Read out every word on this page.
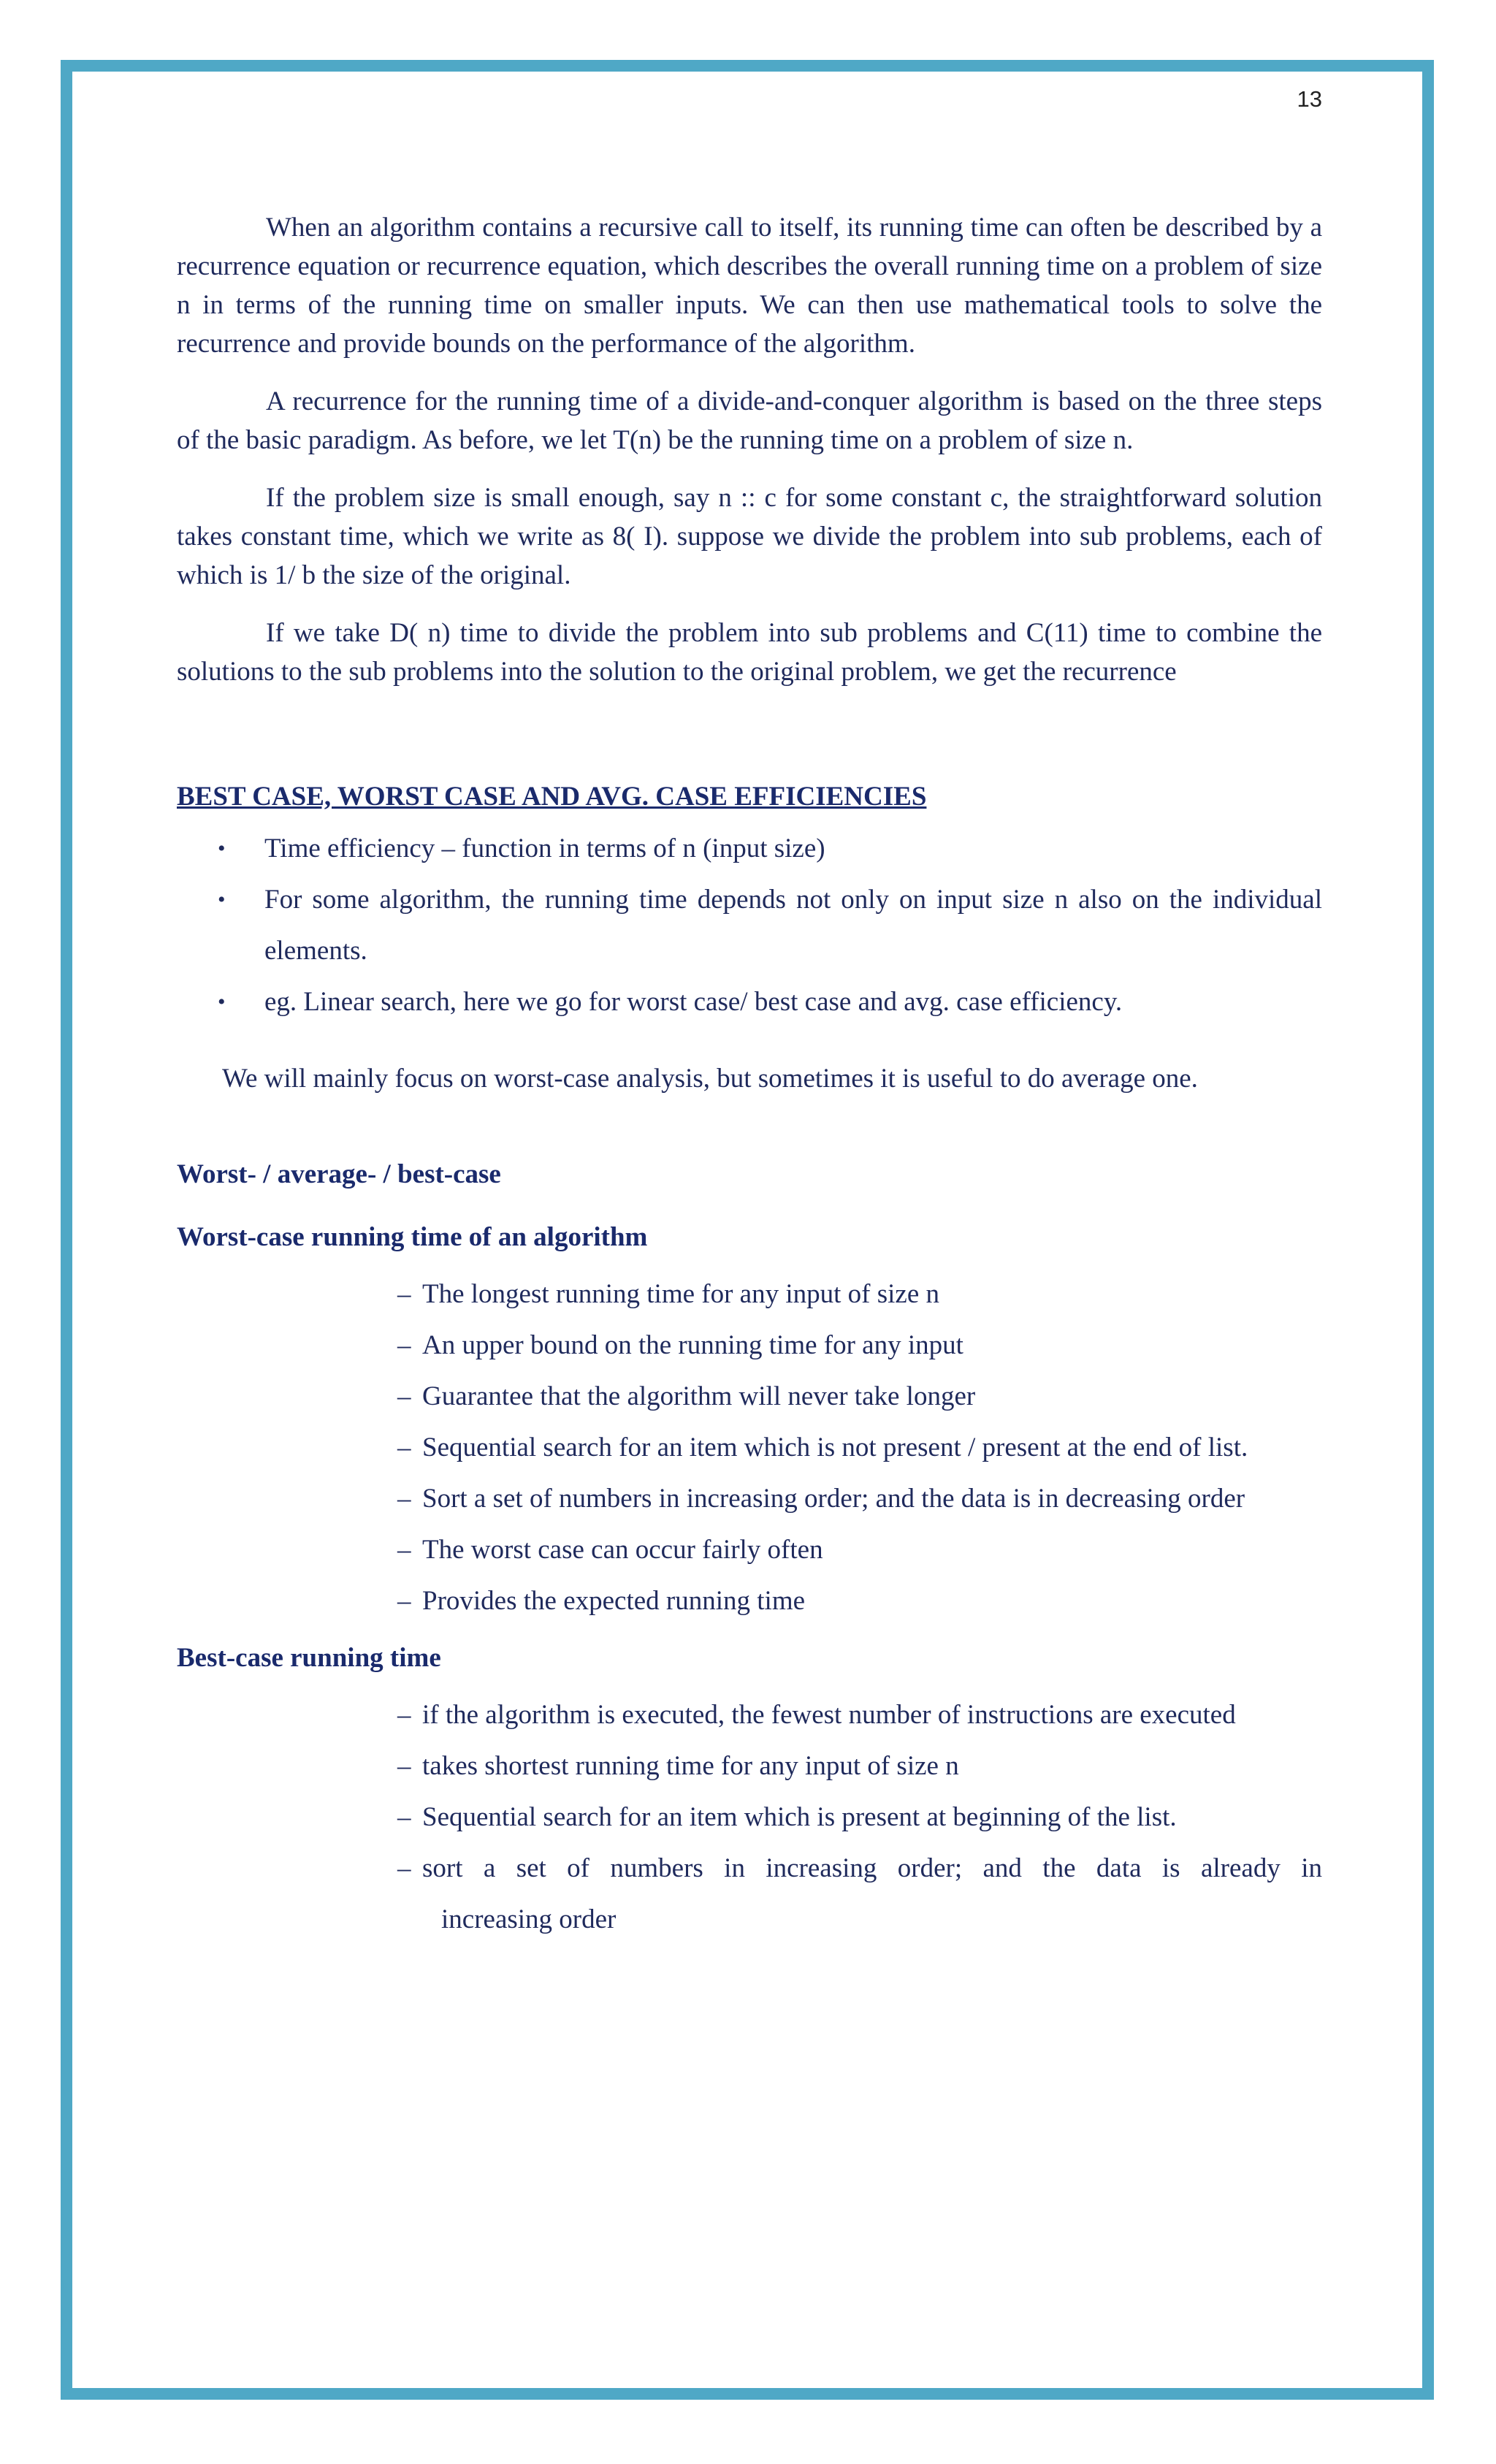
13

When an algorithm contains a recursive call to itself, its running time can often be described by a recurrence equation or recurrence equation, which describes the overall running time on a problem of size n in terms of the running time on smaller inputs. We can then use mathematical tools to solve the recurrence and provide bounds on the performance of the algorithm.

A recurrence for the running time of a divide-and-conquer algorithm is based on the three steps of the basic paradigm. As before, we let T(n) be the running time on a problem of size n.

If the problem size is small enough, say n :: c for some constant c, the straightforward solution takes constant time, which we write as 8( I). suppose we divide the problem into sub problems, each of which is 1/ b the size of the original.

If we take D( n) time to divide the problem into sub problems and C(11) time to combine the solutions to the sub problems into the solution to the original problem, we get the recurrence

BEST CASE, WORST CASE AND AVG. CASE EFFICIENCIES
• Time efficiency – function in terms of n (input size)
• For some algorithm, the running time depends not only on input size n also on the individual elements.
• eg. Linear search, here we go for worst case/ best case and avg. case efficiency.

We will mainly focus on worst-case analysis, but sometimes it is useful to do average one.

Worst- / average- / best-case

Worst-case running time of an algorithm

– The longest running time for any input of size n
– An upper bound on the running time for any input
– Guarantee that the algorithm will never take longer
– Sequential search for an item which is not present / present at the end of list.
– Sort a set of numbers in increasing order; and the data is in decreasing order
– The worst case can occur fairly often
– Provides the expected running time

Best-case running time

– if the algorithm is executed, the fewest number of instructions are executed
– takes shortest running time for any input of size n
– Sequential search for an item which is present at beginning of the list.
– sort a set of numbers in increasing order; and the data is already in
increasing order
